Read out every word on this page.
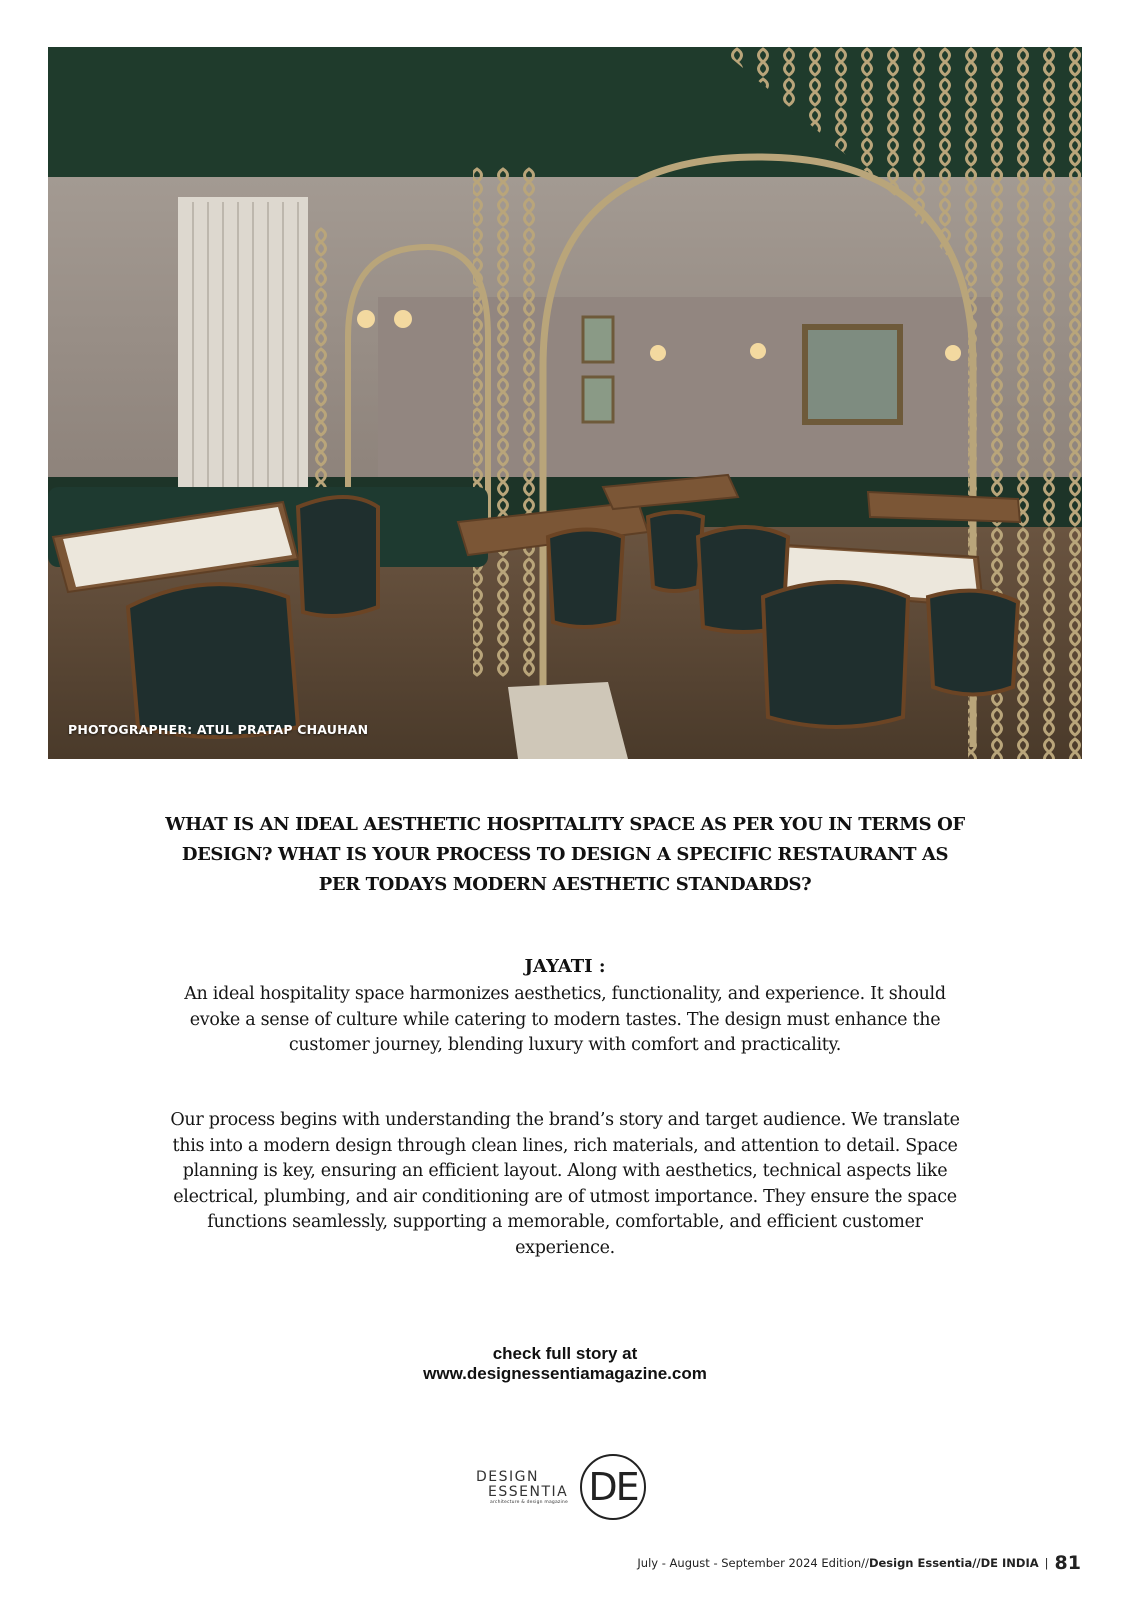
PHOTOGRAPHER: ATUL PRATAP CHAUHAN
WHAT IS AN IDEAL AESTHETIC HOSPITALITY SPACE AS PER YOU IN TERMS OF DESIGN? WHAT IS YOUR PROCESS TO DESIGN A SPECIFIC RESTAURANT AS PER TODAYS MODERN AESTHETIC STANDARDS?
JAYATI :
An ideal hospitality space harmonizes aesthetics, functionality, and experience. It should evoke a sense of culture while catering to modern tastes. The design must enhance the customer journey, blending luxury with comfort and practicality.
Our process begins with understanding the brand’s story and target audience. We translate this into a modern design through clean lines, rich materials, and attention to detail. Space planning is key, ensuring an efficient layout. Along with aesthetics, technical aspects like electrical, plumbing, and air conditioning are of utmost importance. They ensure the space functions seamlessly, supporting a memorable, comfortable, and efficient customer experience.
check full story at
www.designessentiamagazine.com
DESIGN
ESSENTIA
architecture & design magazine DE
July - August - September 2024 Edition//Design Essentia//DE INDIA | 81
